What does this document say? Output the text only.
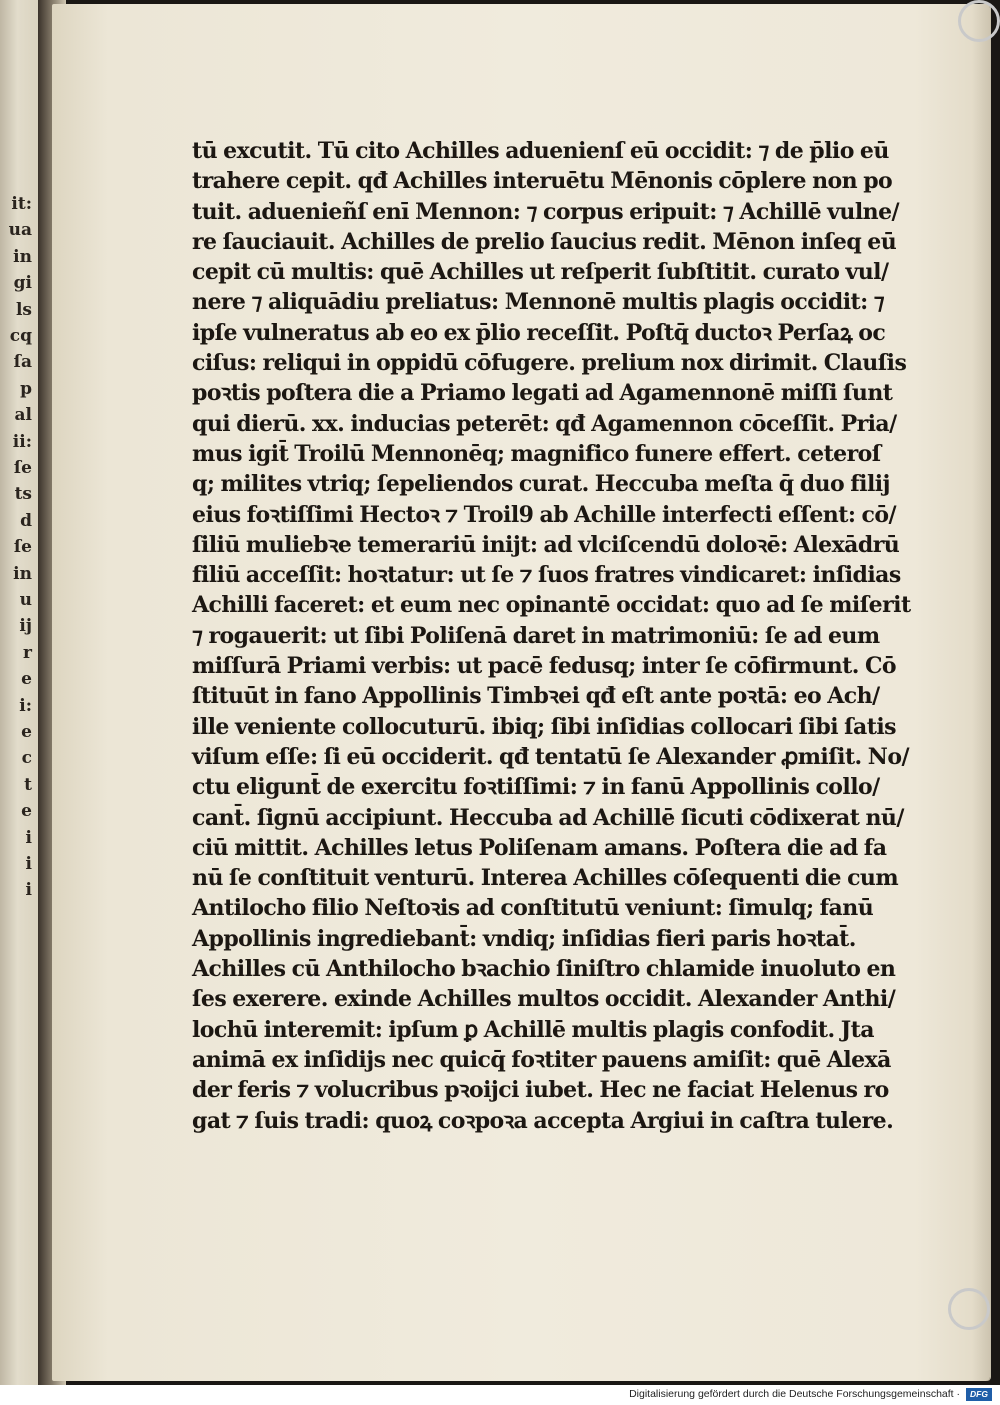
it:
ua
in
gi
ls
cq
ſa
p
al
ii:
ſe
ts
d
ſe
in
u
ij
r
e
i:
e
c
t
e
i
i
i
tū excutit. Tū cito Achilles aduenienſ eū occidit: ⁊ de p̄lio eū
trahere cepit. qđ Achilles interuētu Mēnonis cōplere non po
tuit. aduenieñſ enī Mennon: ⁊ corpus eripuit: ⁊ Achillē vulne/
re ſauciauit. Achilles de prelio ſaucius redit. Mēnon inſeq eū
cepit cū multis: quē Achilles ut reſperit ſubſtitit. curato vul/
nere ⁊ aliquādiu preliatus: Mennonē multis plagis occidit: ⁊
ipſe vulneratus ab eo ex p̄lio receſſit. Poſtq̄ ductoꝛ Perſaꝝ oc
ciſus: reliqui in oppidū cōfugere. prelium nox dirimit. Clauſis
poꝛtis poſtera die a Priamo legati ad Agamennonē miſſi ſunt
qui dierū. xx. inducias peterēt: qđ Agamennon cōceſſit. Pria/
mus igit̄ Troilū Mennonēq; magnifico funere effert. ceteroſ
q; milites vtriq; ſepeliendos curat. Heccuba meſta q̄ duo filij
eius foꝛtiſſimi Hectoꝛ ⁊ Troil9 ab Achille interfecti eſſent: cō/
ſiliū muliebꝛe temerariū inijt: ad vlciſcendū doloꝛē: Alexādrū
filiū acceſſit: hoꝛtatur: ut ſe ⁊ ſuos fratres vindicaret: inſidias
Achilli faceret: et eum nec opinantē occidat: quo ad ſe miſerit
⁊ rogauerit: ut ſibi Poliſenā daret in matrimoniū: ſe ad eum
miſſurā Priami verbis: ut pacē fedusq; inter ſe cōfirmunt. Cō
ſtituūt in fano Appollinis Timbꝛei qđ eſt ante poꝛtā: eo Ach/
ille veniente collocuturū. ibiq; ſibi inſidias collocari ſibi ſatis
viſum eſſe: ſi eū occiderit. qđ tentatū ſe Alexander ꝓmiſit. No/
ctu eligunt̄ de exercitu foꝛtiſſimi: ⁊ in fanū Appollinis collo/
cant̄. ſignū accipiunt. Heccuba ad Achillē ſicuti cōdixerat nū/
ciū mittit. Achilles letus Poliſenam amans. Poſtera die ad fa
nū ſe conſtituit venturū. Interea Achilles cōſequenti die cum
Antilocho filio Neſtoꝛis ad conſtitutū veniunt: ſimulq; fanū
Appollinis ingrediebant̄: vndiq; inſidias fieri paris hoꝛtat̄.
Achilles cū Anthilocho bꝛachio ſiniſtro chlamide inuoluto en
ſes exerere. exinde Achilles multos occidit. Alexander Anthi/
lochū interemit: ipſum ꝑ Achillē multis plagis confodit. Jta
animā ex inſidijs nec quicq̄ foꝛtiter pauens amiſit: quē Alexā
der feris ⁊ volucribus pꝛoijci iubet. Hec ne faciat Helenus ro
gat ⁊ ſuis tradi: quoꝝ coꝛpoꝛa accepta Argiui in caſtra tulere.
Digitalisierung gefördert durch die Deutsche Forschungsgemeinschaft ·	DFG
